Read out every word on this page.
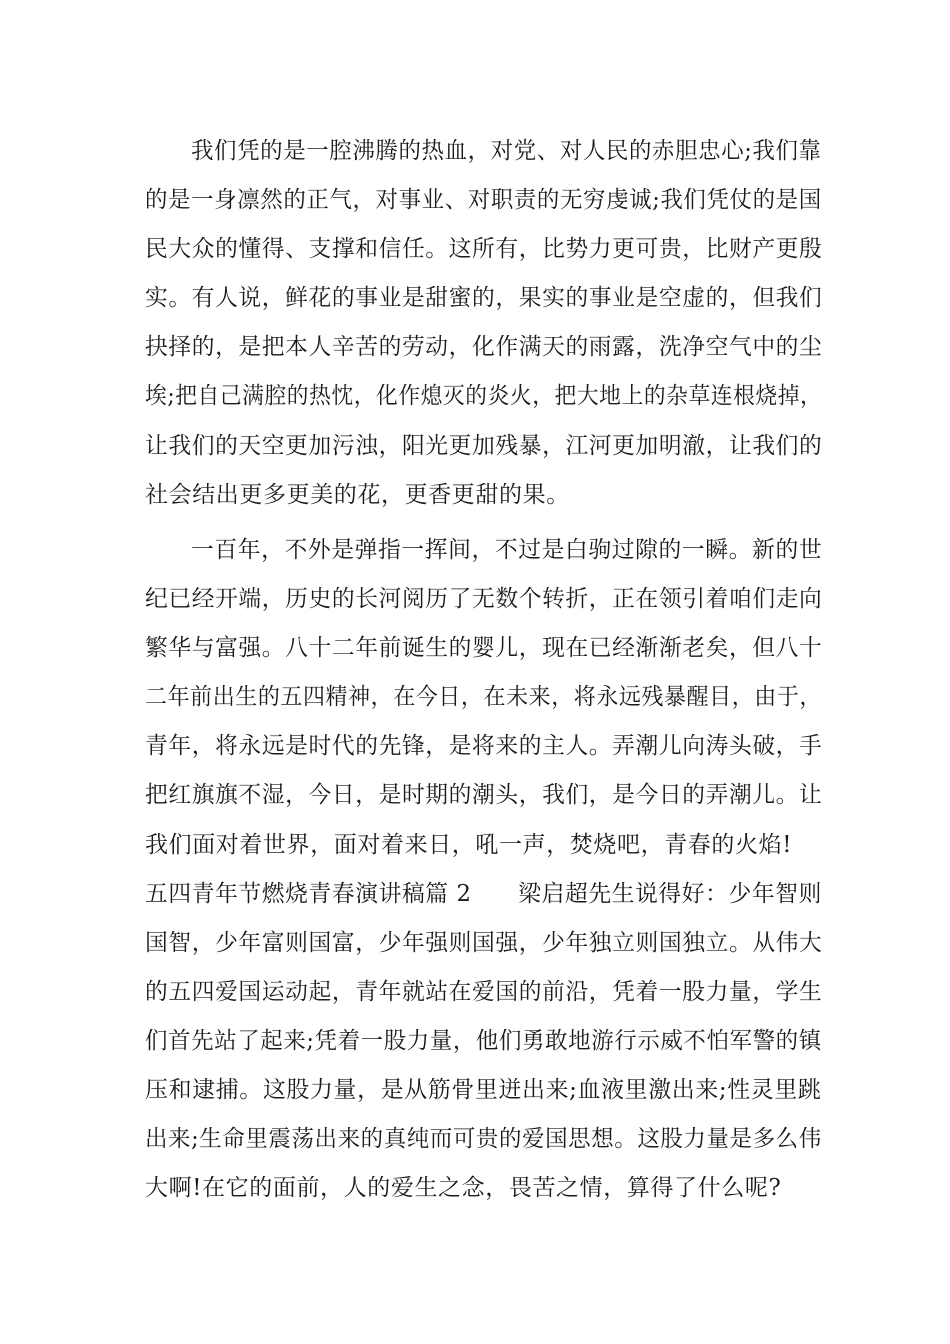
我们凭的是一腔沸腾的热血，对党、对人民的赤胆忠心;我们靠
的是一身凛然的正气，对事业、对职责的无穷虔诚;我们凭仗的是国
民大众的懂得、支撑和信任。这所有，比势力更可贵，比财产更殷
实。有人说，鲜花的事业是甜蜜的，果实的事业是空虚的，但我们
抉择的，是把本人辛苦的劳动，化作满天的雨露，洗净空气中的尘
埃;把自己满腔的热忱，化作熄灭的炎火，把大地上的杂草连根烧掉，
让我们的天空更加污浊，阳光更加残暴，江河更加明澈，让我们的
社会结出更多更美的花，更香更甜的果。
一百年，不外是弹指一挥间，不过是白驹过隙的一瞬。新的世
纪已经开端，历史的长河阅历了无数个转折，正在领引着咱们走向
繁华与富强。八十二年前诞生的婴儿，现在已经渐渐老矣，但八十
二年前出生的五四精神，在今日，在未来，将永远残暴醒目，由于，
青年，将永远是时代的先锋，是将来的主人。弄潮儿向涛头破，手
把红旗旗不湿，今日，是时期的潮头，我们，是今日的弄潮儿。让
我们面对着世界，面对着来日，吼一声，焚烧吧，青春的火焰!
五四青年节燃烧青春演讲稿篇 2　　梁启超先生说得好：少年智则
国智，少年富则国富，少年强则国强，少年独立则国独立。从伟大
的五四爱国运动起，青年就站在爱国的前沿，凭着一股力量，学生
们首先站了起来;凭着一股力量，他们勇敢地游行示威不怕军警的镇
压和逮捕。这股力量，是从筋骨里迸出来;血液里激出来;性灵里跳
出来;生命里震荡出来的真纯而可贵的爱国思想。这股力量是多么伟
大啊!在它的面前，人的爱生之念，畏苦之情，算得了什么呢?
